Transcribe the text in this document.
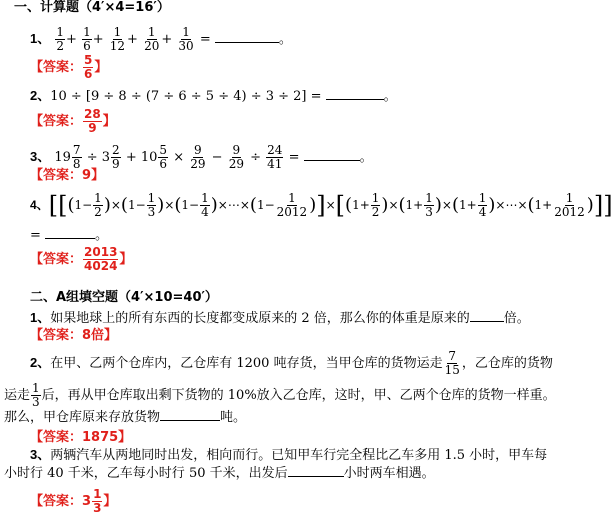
一、计算题（4′×4=16′）
1、 $\frac{1}{2} + \frac{1}{6} + \frac{1}{12} + \frac{1}{20} + \frac{1}{30}$ =	。
【答案： $\frac{5}{6}$ 】
2、10 ÷ [9 ÷ 8 ÷ (7 ÷ 6 ÷ 5 ÷ 4) ÷ 3 ÷ 2] =	。
【答案： $\frac{28}{9}$ 】
3、 19 7
8 ÷ 3 2
9 + 10 5
$6 \times \frac{9}{29} - \frac{9}{29} \div \frac{24}{41}$ =	。
【答案：9】
4、[[$(1- \frac{1}{2} )\times(1- \frac{1}{3} )\times(1- \frac{1}{4}$ )×⋯×(1− $\frac{1}{2012} )]\times[(1+ \frac{1}{2} )\times(1+ \frac{1}{3} )\times(1+ \frac{1}{4}$ )×⋯×(1+ $\frac{1}{2012}$ )]]
=	。
【答案： $\frac{2013}{4024}$ 】
二、A组填空题（4′×10=40′）
1、如果地球上的所有东西的长度都变成原来的 2 倍，那么你的体重是原来的	倍。
【答案：8倍】
2、在甲、乙两个仓库内，乙仓库有 1200 吨存货，当甲仓库的货物运走 $\frac{7}{15}$ ，乙仓库的货物
运走 $\frac{1}{3}$ 后，再从甲仓库取出剩下货物的 10%放入乙仓库，这时，甲、乙两个仓库的货物一样重。
那么，甲仓库原来存放货物	吨。
【答案：1875】
3、两辆汽车从两地同时出发，相向而行。已知甲车行完全程比乙车多用 1.5 小时，甲车每
小时行 40 千米，乙车每小时行 50 千米，出发后	小时两车相遇。
【答案： 3 1
3 】
